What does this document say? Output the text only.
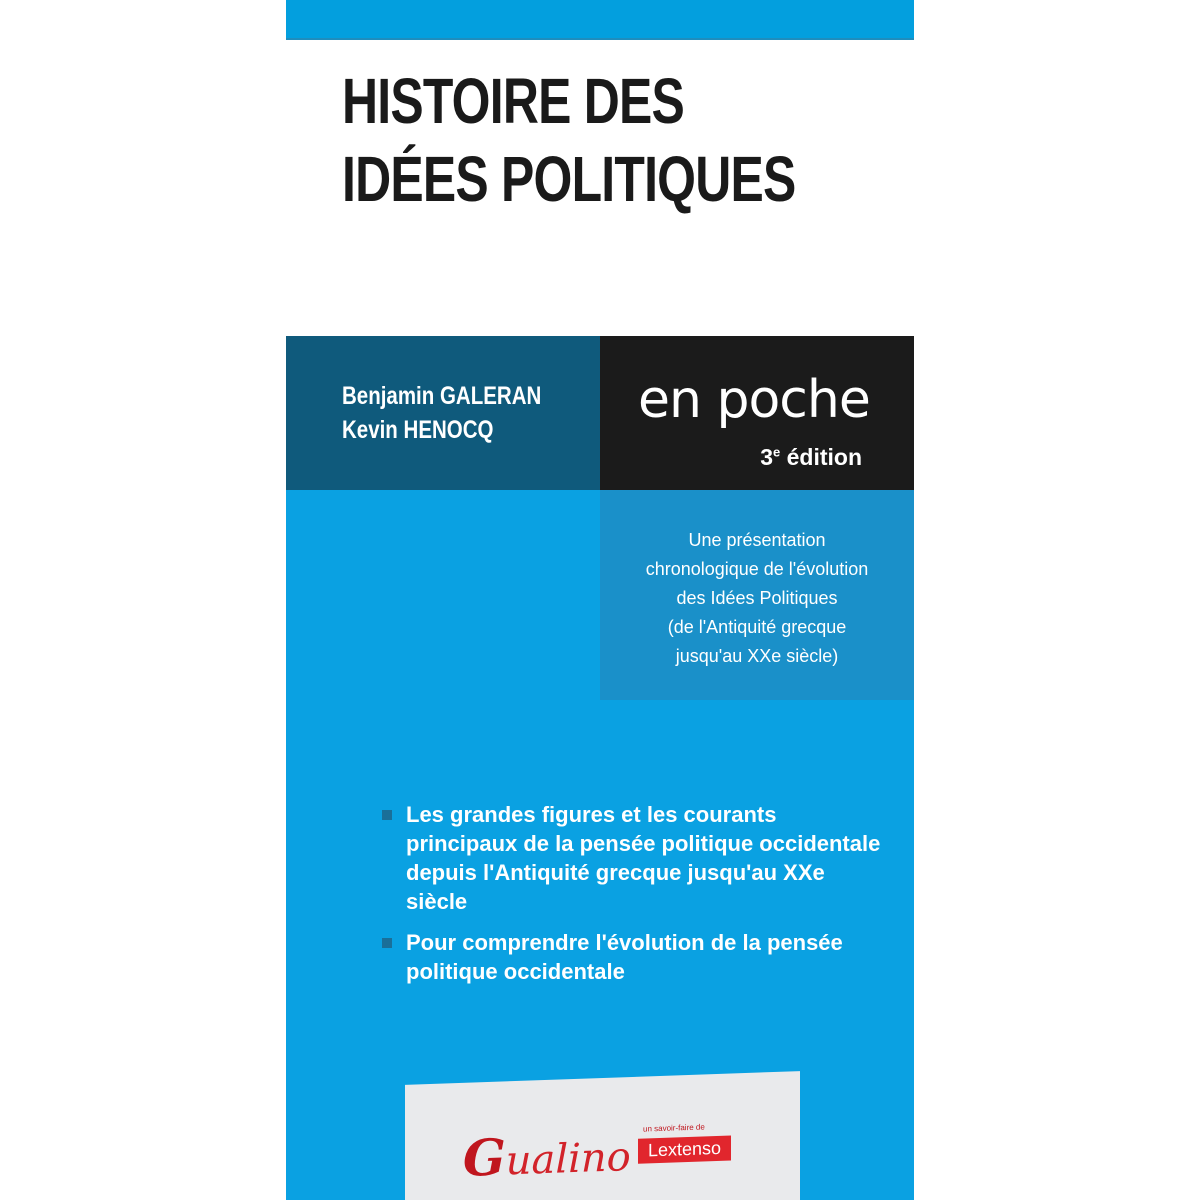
HISTOIRE DES
IDÉES POLITIQUES
Benjamin GALERAN
Kevin HENOCQ	en poche
3e édition
Une présentation
chronologique de l'évolution
des Idées Politiques
(de l'Antiquité grecque
jusqu'au XXe siècle)
Les grandes figures et les courants principaux de la pensée politique occidentale depuis l'Antiquité grecque jusqu'au XXe siècle
Pour comprendre l'évolution de la pensée politique occidentale
Gualino
un savoir-faire de
Lextenso
